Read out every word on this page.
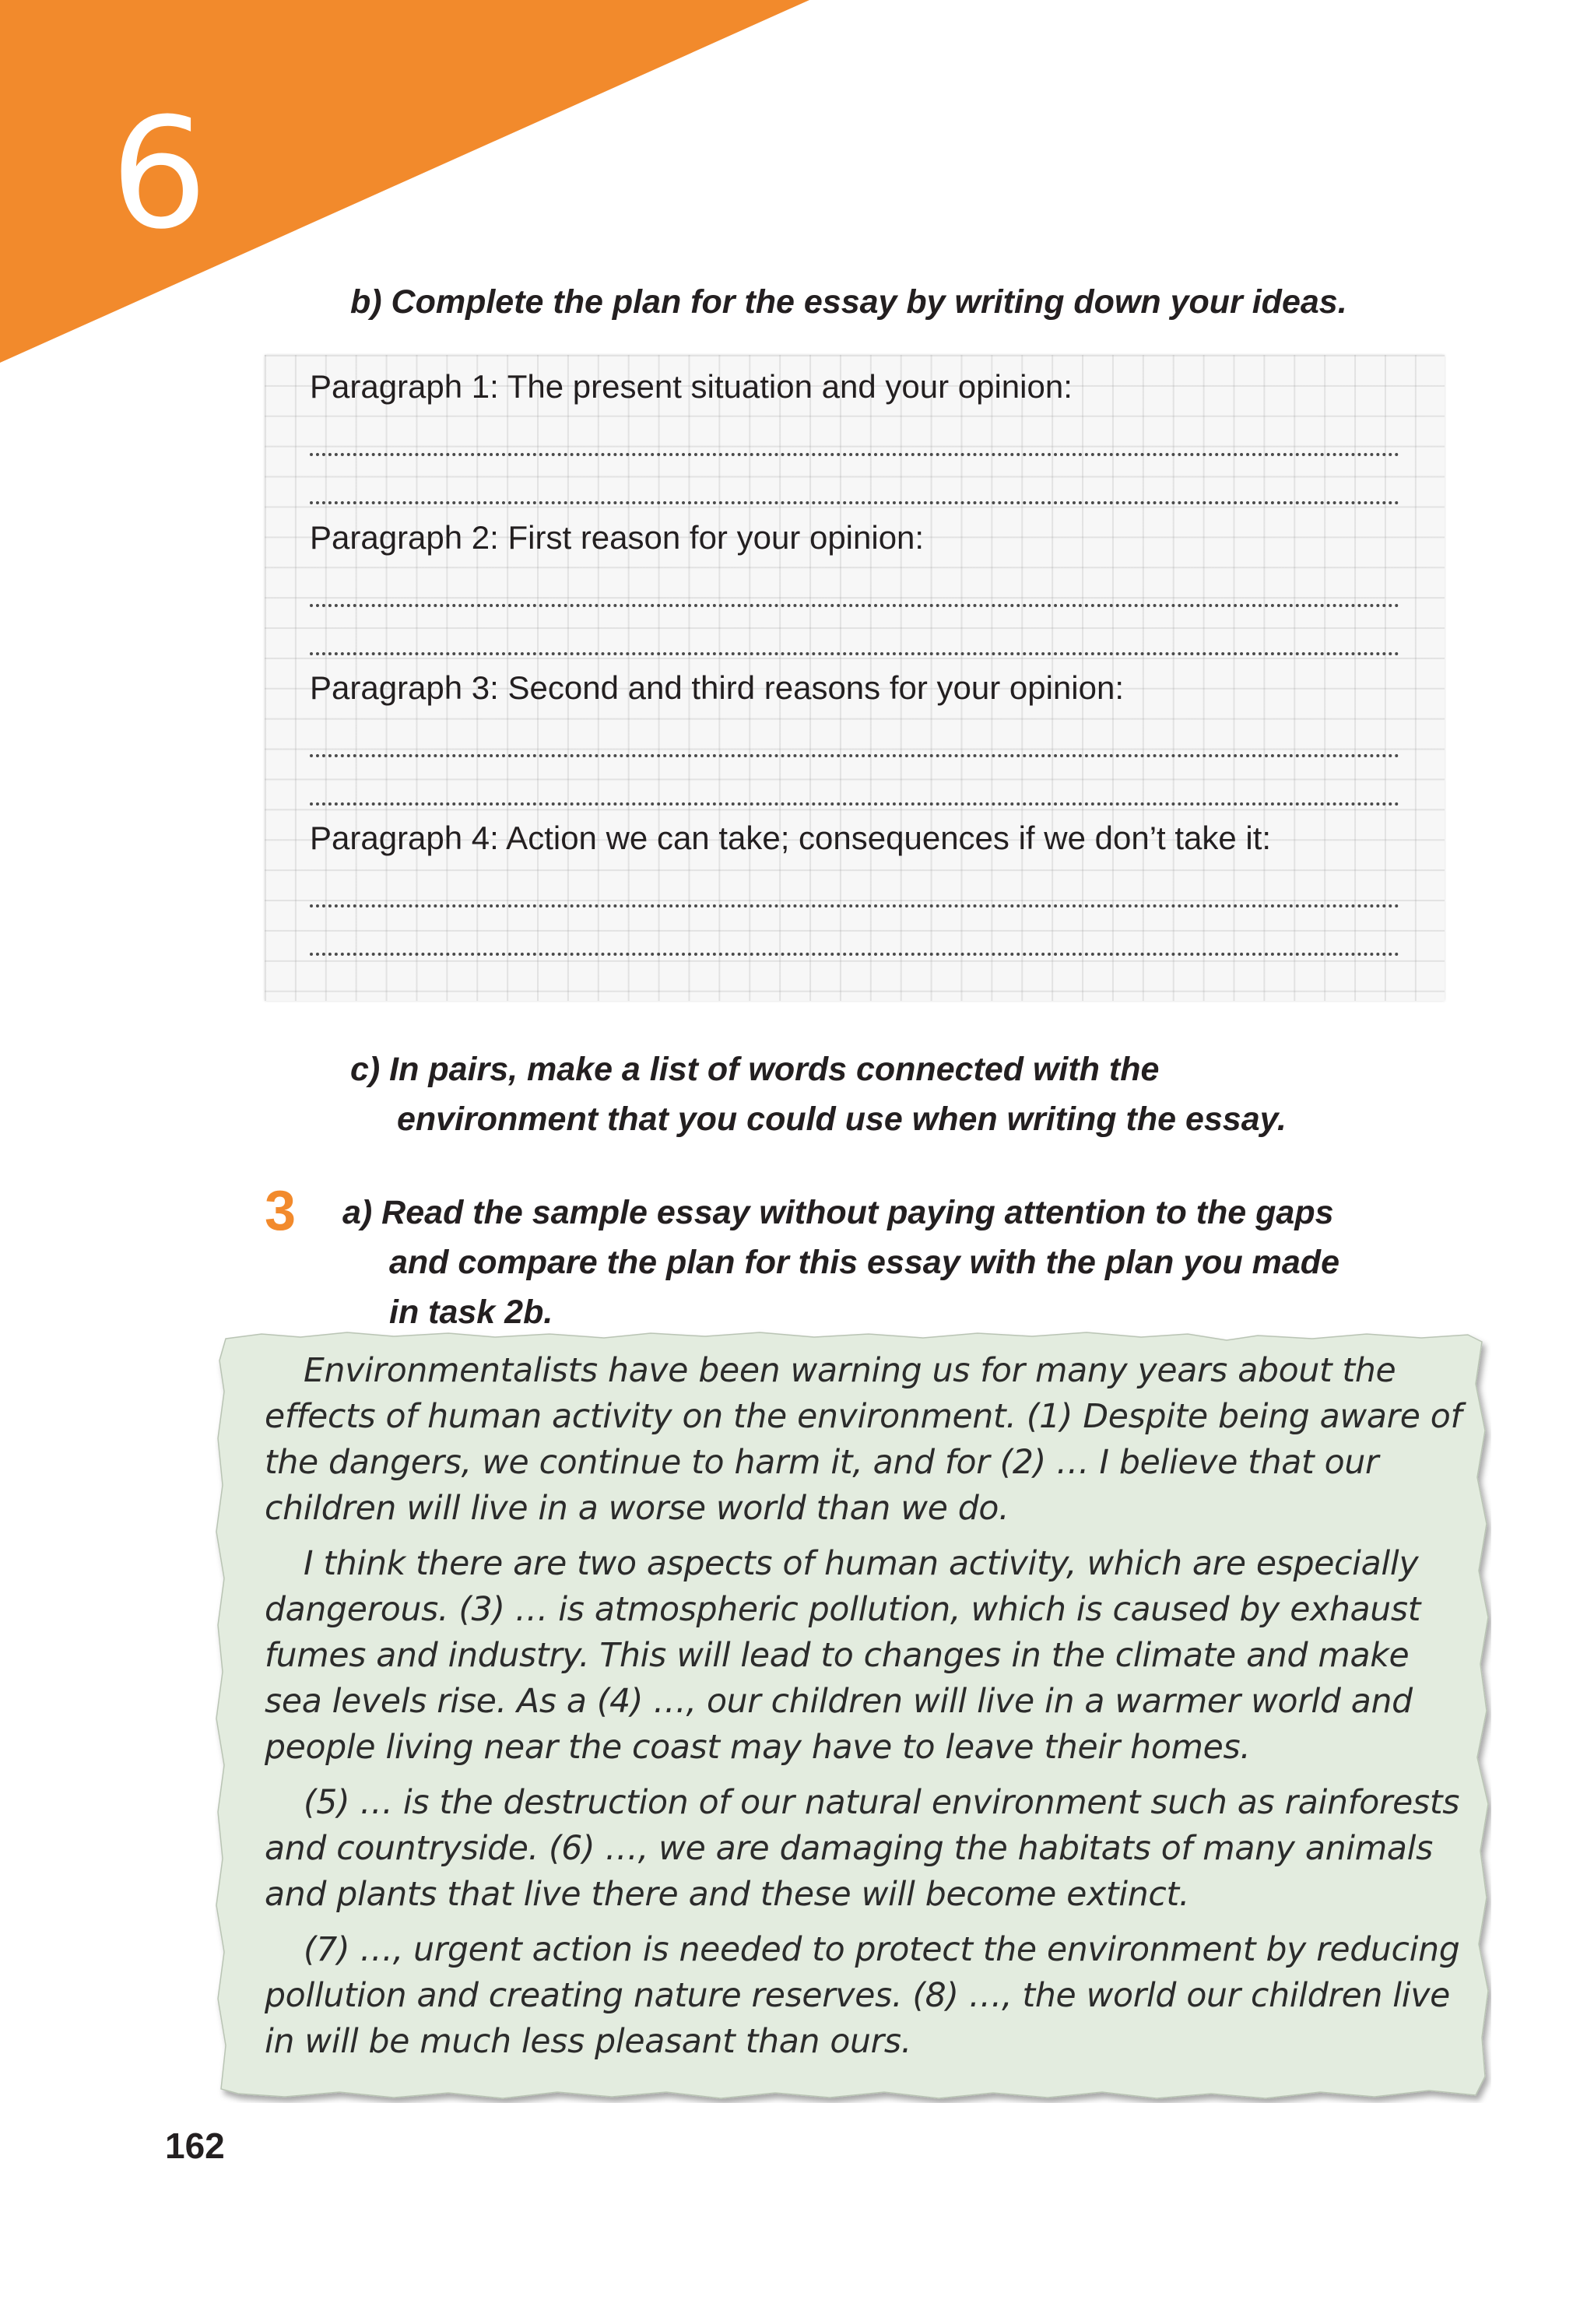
6
b) Complete the plan for the essay by writing down your ideas.

Paragraph 1: The present situation and your opinion:

Paragraph 2: First reason for your opinion:

Paragraph 3: Second and third reasons for your opinion:

Paragraph 4: Action we can take; consequences if we don’t take it:

c) In pairs, make a list of words connected with the
environment that you could use when writing the essay.
3 a) Read the sample essay without paying attention to the gaps
and compare the plan for this essay with the plan you made
in task 2b.

Environmentalists have been warning us for many years about the effects of human activity on the environment. (1) Despite being aware of the dangers, we continue to harm it, and for (2) … I believe that our children will live in a worse world than we do.

I think there are two aspects of human activity, which are especially dangerous. (3) … is atmospheric pollution, which is caused by exhaust fumes and industry. This will lead to changes in the climate and make sea levels rise. As a (4) …, our children will live in a warmer world and people living near the coast may have to leave their homes.

(5) … is the destruction of our natural environment such as rainforests and countryside. (6) …, we are damaging the habitats of many animals and plants that live there and these will become extinct.

(7) …, urgent action is needed to protect the environment by reducing pollution and creating nature reserves. (8) …, the world our children live in will be much less pleasant than ours.

162
